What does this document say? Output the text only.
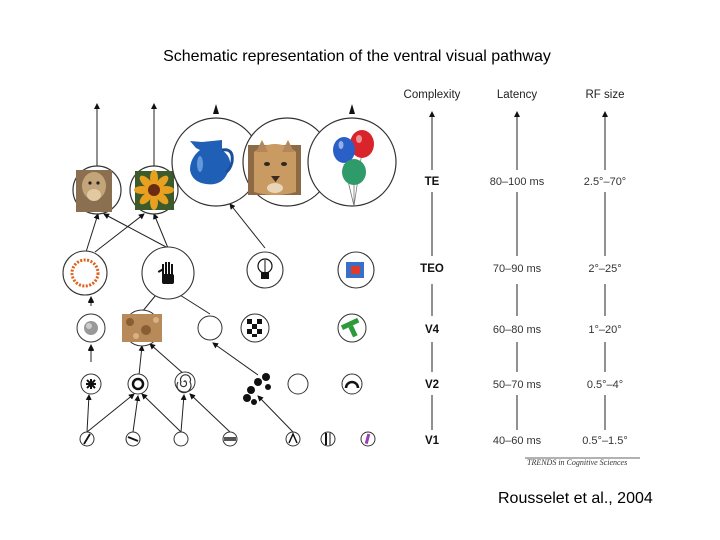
Schematic representation of the ventral visual pathway
Complexity	Latency	RF size
TE	80–100 ms	2.5°–70°
TEO	70–90 ms	2°–25°
V4	60–80 ms	1°–20°
V2	50–70 ms	0.5°–4°
V1	40–60 ms	0.5°–1.5°
TRENDS in Cognitive Sciences
Rousselet et al., 2004
